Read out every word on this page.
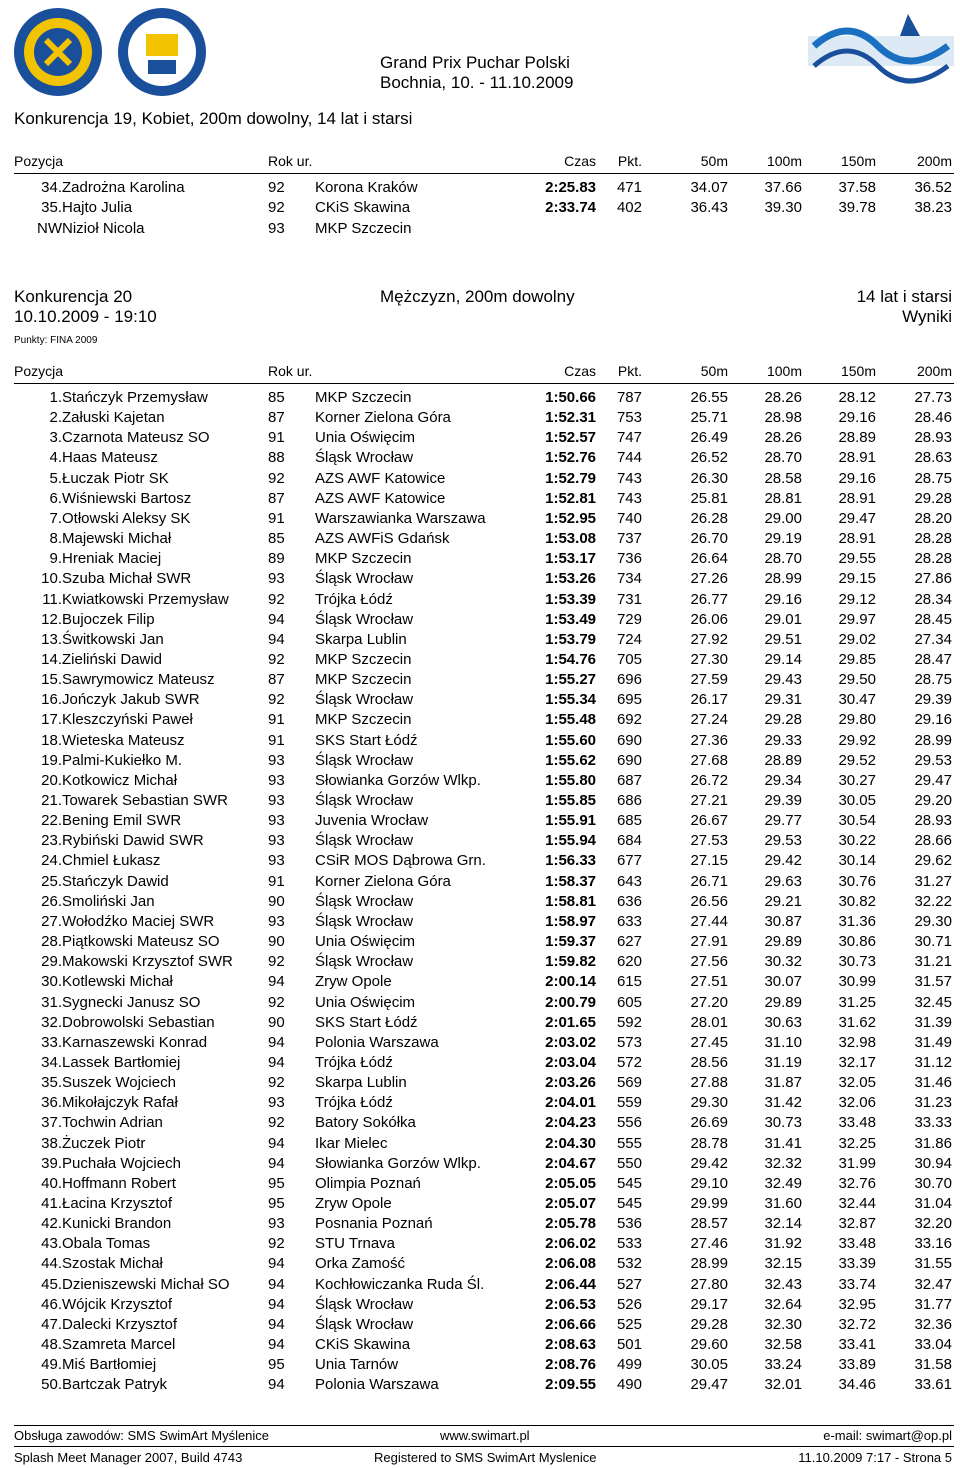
Grand Prix Puchar Polski
Bochnia, 10. - 11.10.2009
Konkurencja 19, Kobiet, 200m dowolny, 14 lat i starsi
Pozycja	Rok ur.	Czas Pkt.	50m	100m	150m	200m
34. Zadrożna Karolina	92 Korona Kraków	2:25.83 471	34.07 37.66 37.58	36.52
35. Hajto Julia	92 CKiS Skawina	2:33.74 402	36.43 39.30 39.78	38.23
NW Nizioł Nicola	93 MKP Szczecin
Konkurencja 20	Mężczyzn, 200m dowolny	14 lat i starsi
10.10.2009 - 19:10	Wyniki
Punkty: FINA 2009
Pozycja	Rok ur.	Czas Pkt.	50m	100m	150m	200m
1. Stańczyk Przemysław	85 MKP Szczecin	1:50.66 787	26.55 28.26 28.12	27.73
2. Załuski Kajetan	87 Korner Zielona Góra	1:52.31 753	25.71 28.98 29.16	28.46
3. Czarnota Mateusz SO	91 Unia Oświęcim	1:52.57 747	26.49 28.26 28.89	28.93
4. Haas Mateusz	88 Śląsk Wrocław	1:52.76 744	26.52 28.70 28.91	28.63
5. Łuczak Piotr SK	92 AZS AWF Katowice	1:52.79 743	26.30 28.58 29.16	28.75
6. Wiśniewski Bartosz	87 AZS AWF Katowice	1:52.81 743	25.81 28.81 28.91	29.28
7. Otłowski Aleksy SK	91 Warszawianka Warszawa	1:52.95 740	26.28 29.00 29.47	28.20
8. Majewski Michał	85 AZS AWFiS Gdańsk	1:53.08 737	26.70 29.19 28.91	28.28
9. Hreniak Maciej	89 MKP Szczecin	1:53.17 736	26.64 28.70 29.55	28.28
10. Szuba Michał SWR	93 Śląsk Wrocław	1:53.26 734	27.26 28.99 29.15	27.86
11. Kwiatkowski Przemysław	92 Trójka Łódź	1:53.39 731	26.77 29.16 29.12	28.34
12. Bujoczek Filip	94 Śląsk Wrocław	1:53.49 729	26.06 29.01 29.97	28.45
13. Świtkowski Jan	94 Skarpa Lublin	1:53.79 724	27.92 29.51 29.02	27.34
14. Zieliński Dawid	92 MKP Szczecin	1:54.76 705	27.30 29.14 29.85	28.47
15. Sawrymowicz Mateusz	87 MKP Szczecin	1:55.27 696	27.59 29.43 29.50	28.75
16. Jończyk Jakub SWR	92 Śląsk Wrocław	1:55.34 695	26.17 29.31 30.47	29.39
17. Kleszczyński Paweł	91 MKP Szczecin	1:55.48 692	27.24 29.28 29.80	29.16
18. Wieteska Mateusz	91 SKS Start Łódź	1:55.60 690	27.36 29.33 29.92	28.99
19. Palmi-Kukiełko M.	93 Śląsk Wrocław	1:55.62 690	27.68 28.89 29.52	29.53
20. Kotkowicz Michał	93 Słowianka Gorzów Wlkp.	1:55.80 687	26.72 29.34 30.27	29.47
21. Towarek Sebastian SWR	93 Śląsk Wrocław	1:55.85 686	27.21 29.39 30.05	29.20
22. Bening Emil SWR	93 Juvenia Wrocław	1:55.91 685	26.67 29.77 30.54	28.93
23. Rybiński Dawid SWR	93 Śląsk Wrocław	1:55.94 684	27.53 29.53 30.22	28.66
24. Chmiel Łukasz	93 CSiR MOS Dąbrowa Grn.	1:56.33 677	27.15 29.42 30.14	29.62
25. Stańczyk Dawid	91 Korner Zielona Góra	1:58.37 643	26.71 29.63 30.76	31.27
26. Smoliński Jan	90 Śląsk Wrocław	1:58.81 636	26.56 29.21 30.82	32.22
27. Wołodźko Maciej SWR	93 Śląsk Wrocław	1:58.97 633	27.44 30.87 31.36	29.30
28. Piątkowski Mateusz SO	90 Unia Oświęcim	1:59.37 627	27.91 29.89 30.86	30.71
29. Makowski Krzysztof SWR 92 Śląsk Wrocław	1:59.82 620	27.56 30.32 30.73	31.21
30. Kotlewski Michał	94 Zryw Opole	2:00.14 615	27.51 30.07 30.99	31.57
31. Sygnecki Janusz SO	92 Unia Oświęcim	2:00.79 605	27.20 29.89 31.25	32.45
32. Dobrowolski Sebastian	90 SKS Start Łódź	2:01.65 592	28.01 30.63 31.62	31.39
33. Karnaszewski Konrad	94 Polonia Warszawa	2:03.02 573	27.45 31.10 32.98	31.49
34. Lassek Bartłomiej	94 Trójka Łódź	2:03.04 572	28.56 31.19 32.17	31.12
35. Suszek Wojciech	92 Skarpa Lublin	2:03.26 569	27.88 31.87 32.05	31.46
36. Mikołajczyk Rafał	93 Trójka Łódź	2:04.01 559	29.30 31.42 32.06	31.23
37. Tochwin Adrian	92 Batory Sokółka	2:04.23 556	26.69 30.73 33.48	33.33
38. Żuczek Piotr	94 Ikar Mielec	2:04.30 555	28.78 31.41 32.25	31.86
39. Puchała Wojciech	94 Słowianka Gorzów Wlkp.	2:04.67 550	29.42 32.32 31.99	30.94
40. Hoffmann Robert	95 Olimpia Poznań	2:05.05 545	29.10 32.49 32.76	30.70
41. Łacina Krzysztof	95 Zryw Opole	2:05.07 545	29.99 31.60 32.44	31.04
42. Kunicki Brandon	93 Posnania Poznań	2:05.78 536	28.57 32.14 32.87	32.20
43. Obala Tomas	92 STU Trnava	2:06.02 533	27.46 31.92 33.48	33.16
44. Szostak Michał	94 Orka Zamość	2:06.08 532	28.99 32.15 33.39	31.55
45. Dzieniszewski Michał SO	94 Kochłowiczanka Ruda Śl.	2:06.44 527	27.80 32.43 33.74	32.47
46. Wójcik Krzysztof	94 Śląsk Wrocław	2:06.53 526	29.17 32.64 32.95	31.77
47. Dalecki Krzysztof	94 Śląsk Wrocław	2:06.66 525	29.28 32.30 32.72	32.36
48. Szamreta Marcel	94 CKiS Skawina	2:08.63 501	29.60 32.58 33.41	33.04
49. Miś Bartłomiej	95 Unia Tarnów	2:08.76 499	30.05 33.24 33.89	31.58
50. Bartczak Patryk	94 Polonia Warszawa	2:09.55 490	29.47 32.01 34.46	33.61
Obsługa zawodów: SMS SwimArt Myślenice	www.swimart.pl	e-mail: swimart@op.pl
Splash Meet Manager 2007, Build 4743	Registered to SMS SwimArt Myslenice	11.10.2009 7:17 - Strona 5
